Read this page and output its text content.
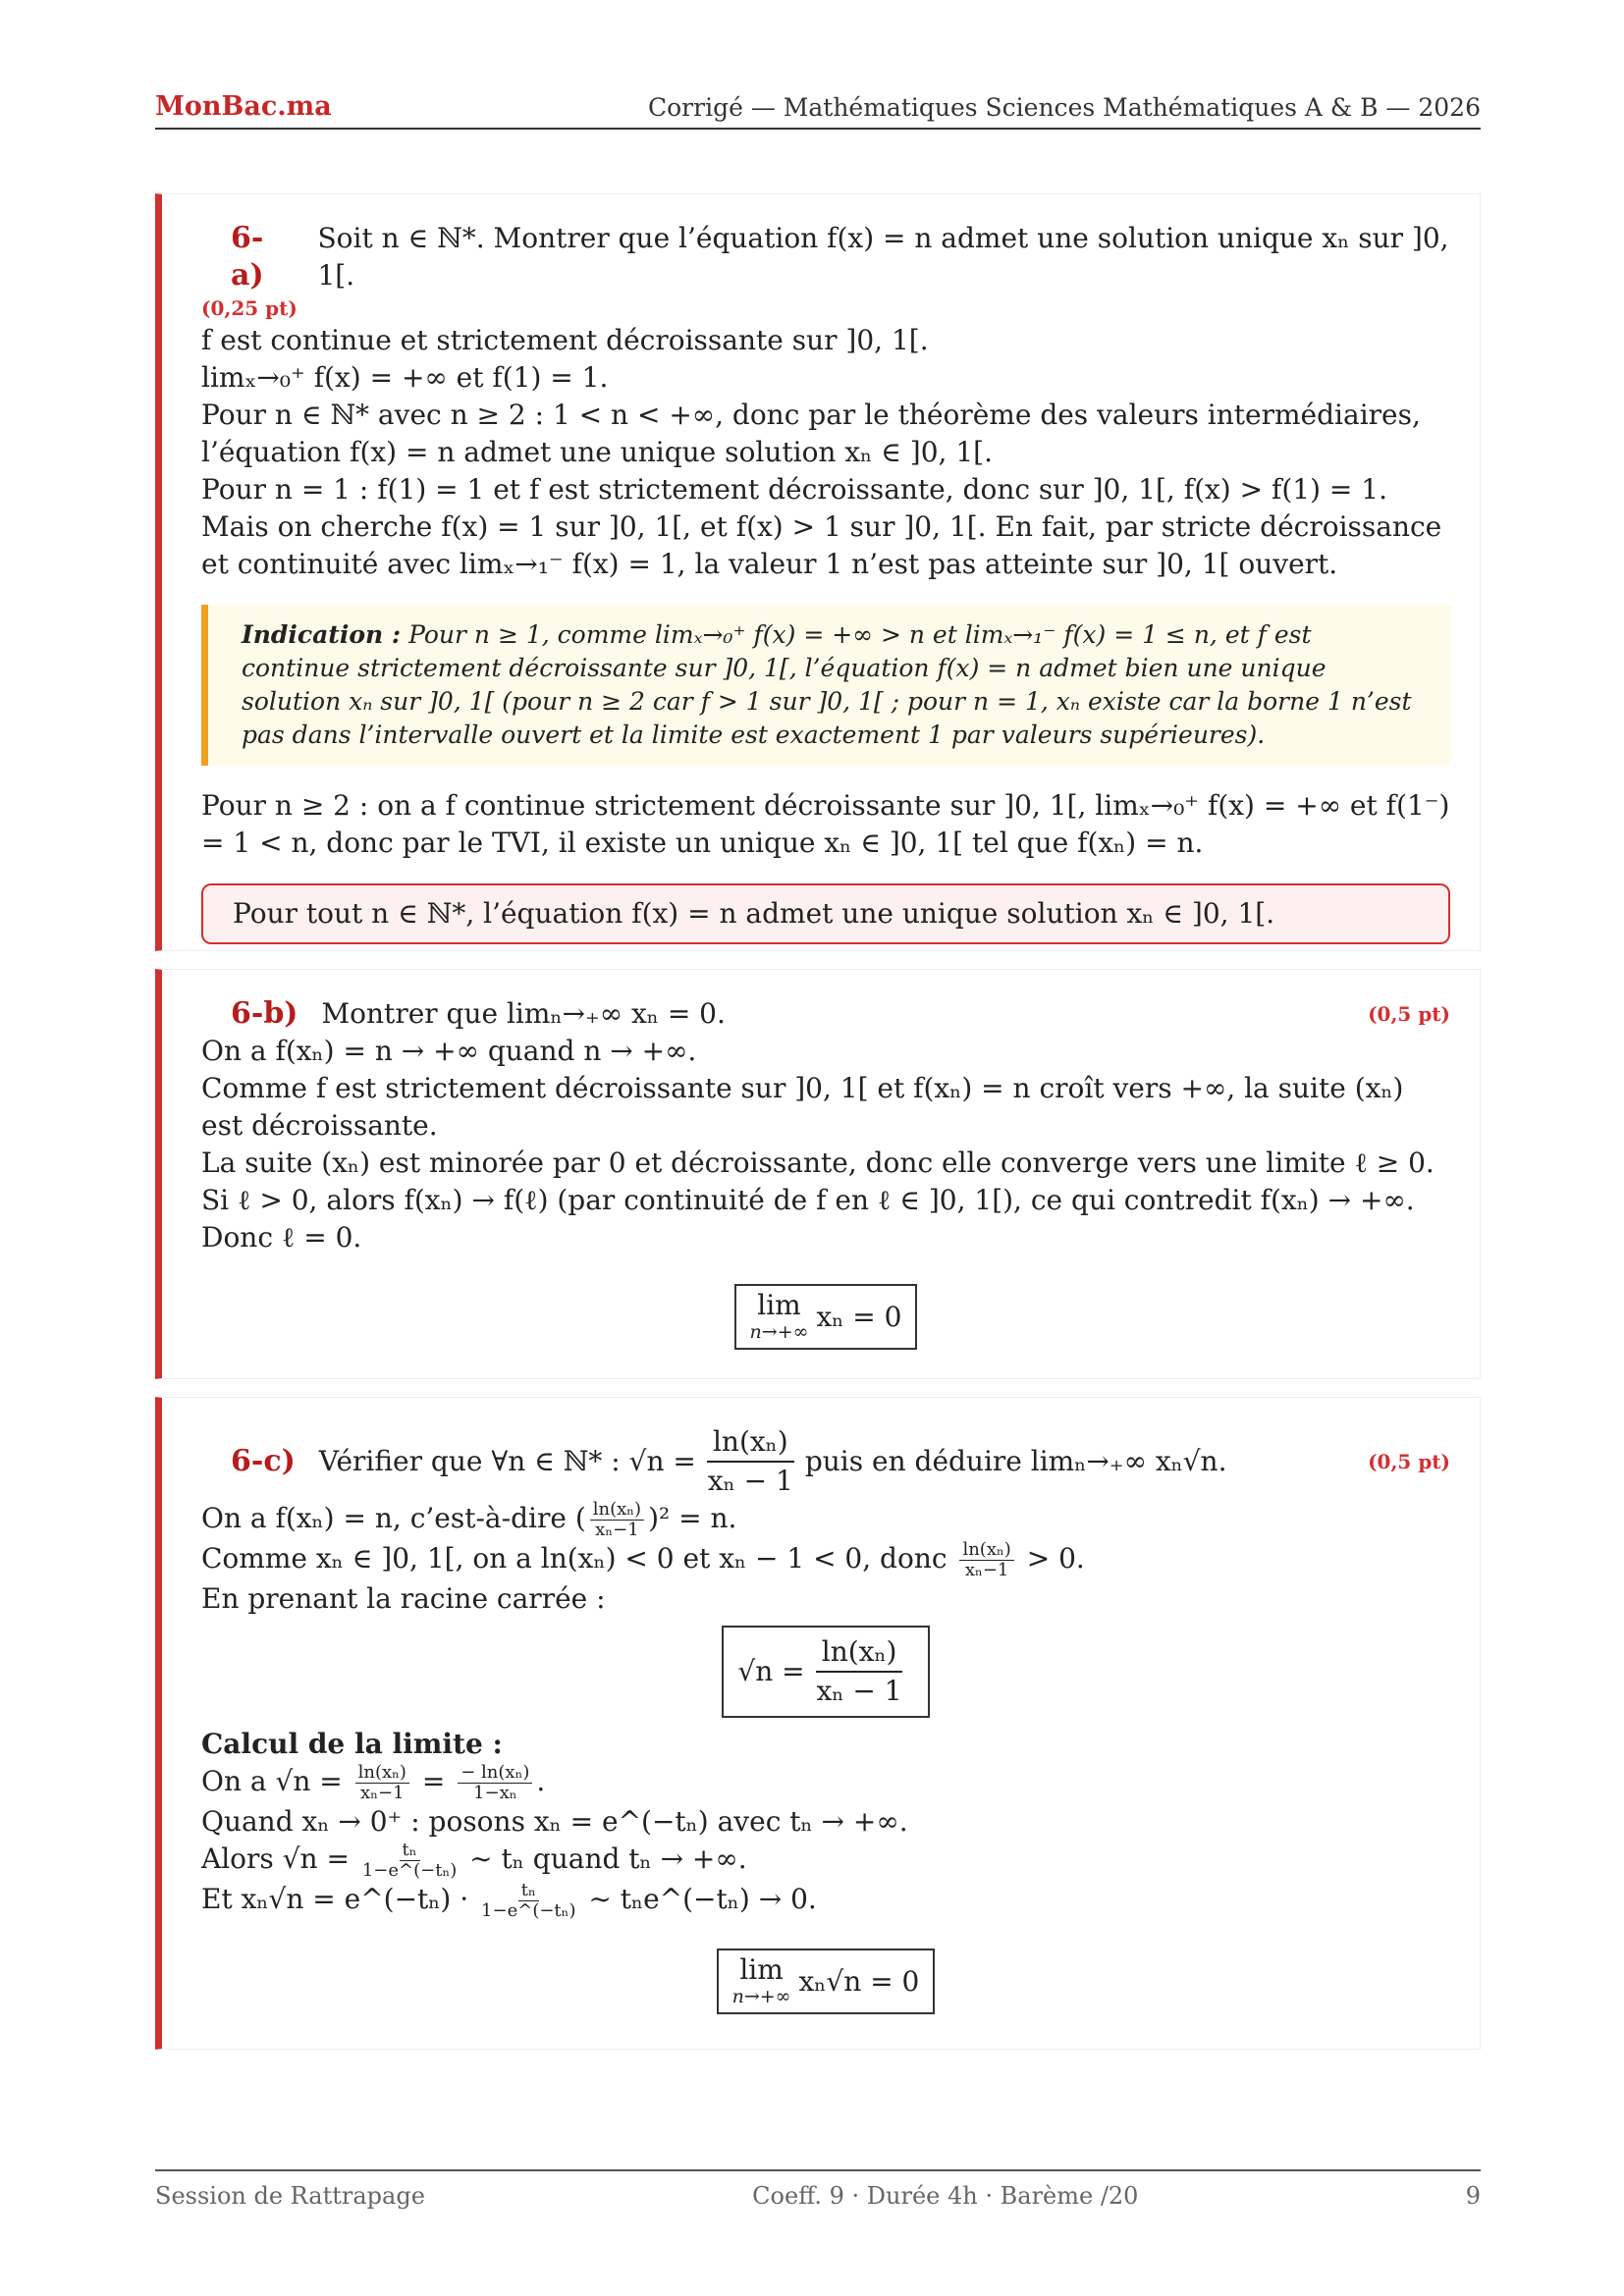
MonBac.ma	Corrigé — Mathématiques Sciences Mathématiques A & B — 2026
6-a)
Soit n ∈ ℕ*. Montrer que l’équation f(x) = n admet une solution unique xₙ sur ]0, 1[.
(0,25 pt)

f est continue et strictement décroissante sur ]0, 1[.

limₓ→₀⁺ f(x) = +∞ et f(1) = 1.

Pour n ∈ ℕ* avec n ≥ 2 : 1 < n < +∞, donc par le théorème des valeurs intermédiaires, l’équation f(x) = n admet une unique solution xₙ ∈ ]0, 1[.

Pour n = 1 : f(1) = 1 et f est strictement décroissante, donc sur ]0, 1[, f(x) > f(1) = 1. Mais on cherche f(x) = 1 sur ]0, 1[, et f(x) > 1 sur ]0, 1[. En fait, par stricte décroissance et continuité avec limₓ→₁⁻ f(x) = 1, la valeur 1 n’est pas atteinte sur ]0, 1[ ouvert.

Indication : Pour n ≥ 1, comme limₓ→₀⁺ f(x) = +∞ > n et limₓ→₁⁻ f(x) = 1 ≤ n, et f est continue strictement décroissante sur ]0, 1[, l’équation f(x) = n admet bien une unique solution xₙ sur ]0, 1[ (pour n ≥ 2 car f > 1 sur ]0, 1[ ; pour n = 1, xₙ existe car la borne 1 n’est pas dans l’intervalle ouvert et la limite est exactement 1 par valeurs supérieures).

Pour n ≥ 2 : on a f continue strictement décroissante sur ]0, 1[, limₓ→₀⁺ f(x) = +∞ et f(1⁻) = 1 < n, donc par le TVI, il existe un unique xₙ ∈ ]0, 1[ tel que f(xₙ) = n.

Pour tout n ∈ ℕ*, l’équation f(x) = n admet une unique solution xₙ ∈ ]0, 1[.
6-b) Montrer que limₙ→₊∞ xₙ = 0.	(0,5 pt)

On a f(xₙ) = n → +∞ quand n → +∞.

Comme f est strictement décroissante sur ]0, 1[ et f(xₙ) = n croît vers +∞, la suite (xₙ) est décroissante.

La suite (xₙ) est minorée par 0 et décroissante, donc elle converge vers une limite ℓ ≥ 0.

Si ℓ > 0, alors f(xₙ) → f(ℓ) (par continuité de f en ℓ ∈ ]0, 1[), ce qui contredit f(xₙ) → +∞.

Donc ℓ = 0.

lim
n→+∞ xₙ = 0
6-c) Vérifier que ∀n ∈ ℕ* : $√n = \frac{\text{ln(xₙ)}}{\text{xₙ − 1}}$ puis en déduire limₙ→₊∞ xₙ√n.	(0,5 pt)

On a f(xₙ) = n, c’est-à-dire ( $\frac{\text{ln(xₙ)}}{\text{xₙ−1}} )^2 = n$.

Comme xₙ ∈ ]0, 1[, on a ln(xₙ) < 0 et xₙ − 1 < 0, donc $\frac{\text{ln(xₙ)}}{\text{xₙ−1}} > 0$.

En prenant la racine carrée :

$√n = \frac{\text{ln(xₙ)}}{\text{xₙ − 1}}$

Calcul de la limite :

On a $√n = \frac{\text{ln(xₙ)}}{\text{xₙ−1}} = \frac{\text{− ln(xₙ)}}{\text{1−xₙ}}$ .

Quand xₙ → 0⁺ : posons xₙ = e^(−tₙ) avec tₙ → +∞.

Alors $√n = \frac{\text{tₙ}}{\text{1−e\textasciicircum{}(−tₙ)}}$ ∼ tₙ quand tₙ → +∞.

Et xₙ√n = e^(−tₙ) · $\frac{\text{tₙ}}{\text{1−e\textasciicircum{}(−tₙ)}}$ ∼ tₙe^(−tₙ) → 0.

lim
n→+∞ xₙ√n = 0
Session de Rattrapage	Coeff. 9 · Durée 4h · Barème /20	9
